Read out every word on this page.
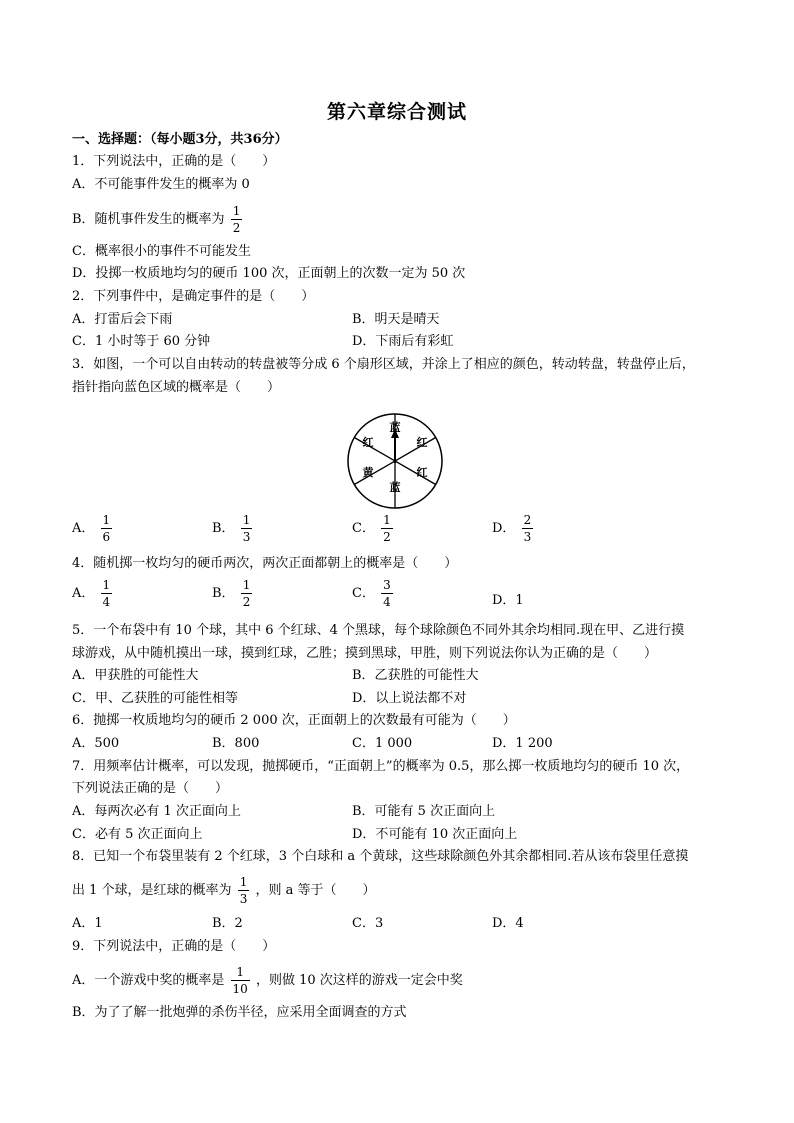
第六章综合测试
一、选择题：（每小题3分，共36分）
1．下列说法中，正确的是（　　）
A．不可能事件发生的概率为 0
B．随机事件发生的概率为 $\frac{1}{2}$
C．概率很小的事件不可能发生
D．投掷一枚质地均匀的硬币 100 次，正面朝上的次数一定为 50 次
2．下列事件中，是确定事件的是（　　）
A．打雷后会下雨	B．明天是晴天
C．1 小时等于 60 分钟	D．下雨后有彩虹
3．如图，一个可以自由转动的转盘被等分成 6 个扇形区域，并涂上了相应的颜色，转动转盘，转盘停止后，
指针指向蓝色区域的概率是（　　）
蓝
红
红
蓝
黄
红
A． $\frac{1}{6}$	B． $\frac{1}{3}$	C． $\frac{1}{2}$	D． $\frac{2}{3}$
4．随机掷一枚均匀的硬币两次，两次正面都朝上的概率是（　　）
A． $\frac{1}{4}$	B． $\frac{1}{2}$	C． $\frac{3}{4}$	D．1
5．一个布袋中有 10 个球，其中 6 个红球、4 个黑球，每个球除颜色不同外其余均相同.现在甲、乙进行摸
球游戏，从中随机摸出一球，摸到红球，乙胜；摸到黑球，甲胜，则下列说法你认为正确的是（　　）
A．甲获胜的可能性大	B．乙获胜的可能性大
C．甲、乙获胜的可能性相等	D．以上说法都不对
6．抛掷一枚质地均匀的硬币 2 000 次，正面朝上的次数最有可能为（　　）
A．500	B．800	C．1 000	D．1 200
7．用频率估计概率，可以发现，抛掷硬币，“正面朝上”的概率为 0.5，那么掷一枚质地均匀的硬币 10 次，
下列说法正确的是（　　）
A．每两次必有 1 次正面向上	B．可能有 5 次正面向上
C．必有 5 次正面向上	D．不可能有 10 次正面向上
8．已知一个布袋里装有 2 个红球，3 个白球和 a 个黄球，这些球除颜色外其余都相同.若从该布袋里任意摸
出 1 个球，是红球的概率为 $\frac{1}{3}$ ，则 a 等于（　　）
A．1	B．2	C．3	D．4
9．下列说法中，正确的是（　　）
A．一个游戏中奖的概率是 $\frac{1}{10}$ ，则做 10 次这样的游戏一定会中奖
B．为了了解一批炮弹的杀伤半径，应采用全面调查的方式
